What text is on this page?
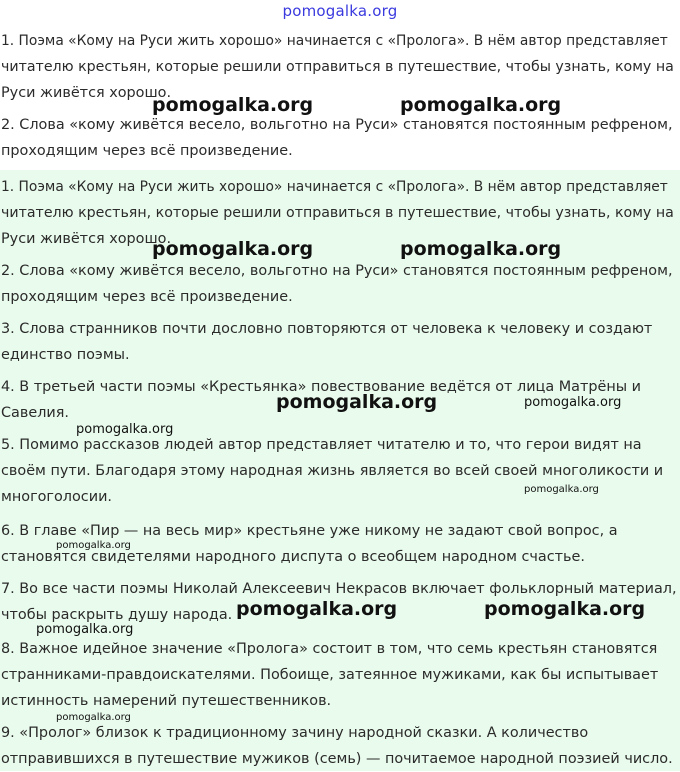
pomogalka.org
1. Поэма «Кому на Руси жить хорошо» начинается с «Пролога». В нём автор представляет
читателю крестьян, которые решили отправиться в путешествие, чтобы узнать, кому на
Руси живётся хорошо.
2. Слова «кому живётся весело, вольготно на Руси» становятся постоянным рефреном,
проходящим через всё произведение.
1. Поэма «Кому на Руси жить хорошо» начинается с «Пролога». В нём автор представляет
читателю крестьян, которые решили отправиться в путешествие, чтобы узнать, кому на
Руси живётся хорошо.
2. Слова «кому живётся весело, вольготно на Руси» становятся постоянным рефреном,
проходящим через всё произведение.
3. Слова странников почти дословно повторяются от человека к человеку и создают
единство поэмы.
4. В третьей части поэмы «Крестьянка» повествование ведётся от лица Матрёны и
Савелия.
5. Помимо рассказов людей автор представляет читателю и то, что герои видят на
своём пути. Благодаря этому народная жизнь является во всей своей многоликости и
многоголосии.
6. В главе «Пир — на весь мир» крестьяне уже никому не задают свой вопрос, а
становятся свидетелями народного диспута о всеобщем народном счастье.
7. Во все части поэмы Николай Алексеевич Некрасов включает фольклорный материал,
чтобы раскрыть душу народа.
8. Важное идейное значение «Пролога» состоит в том, что семь крестьян становятся
странниками-правдоискателями. Побоище, затеянное мужиками, как бы испытывает
истинность намерений путешественников.
9. «Пролог» близок к традиционному зачину народной сказки. А количество
отправившихся в путешествие мужиков (семь) — почитаемое народной поэзией число.
pomogalka.org	pomogalka.org
pomogalka.org	pomogalka.org
pomogalka.org	pomogalka.org
pomogalka.org
pomogalka.org
pomogalka.org
pomogalka.org	pomogalka.org
pomogalka.org
pomogalka.org
